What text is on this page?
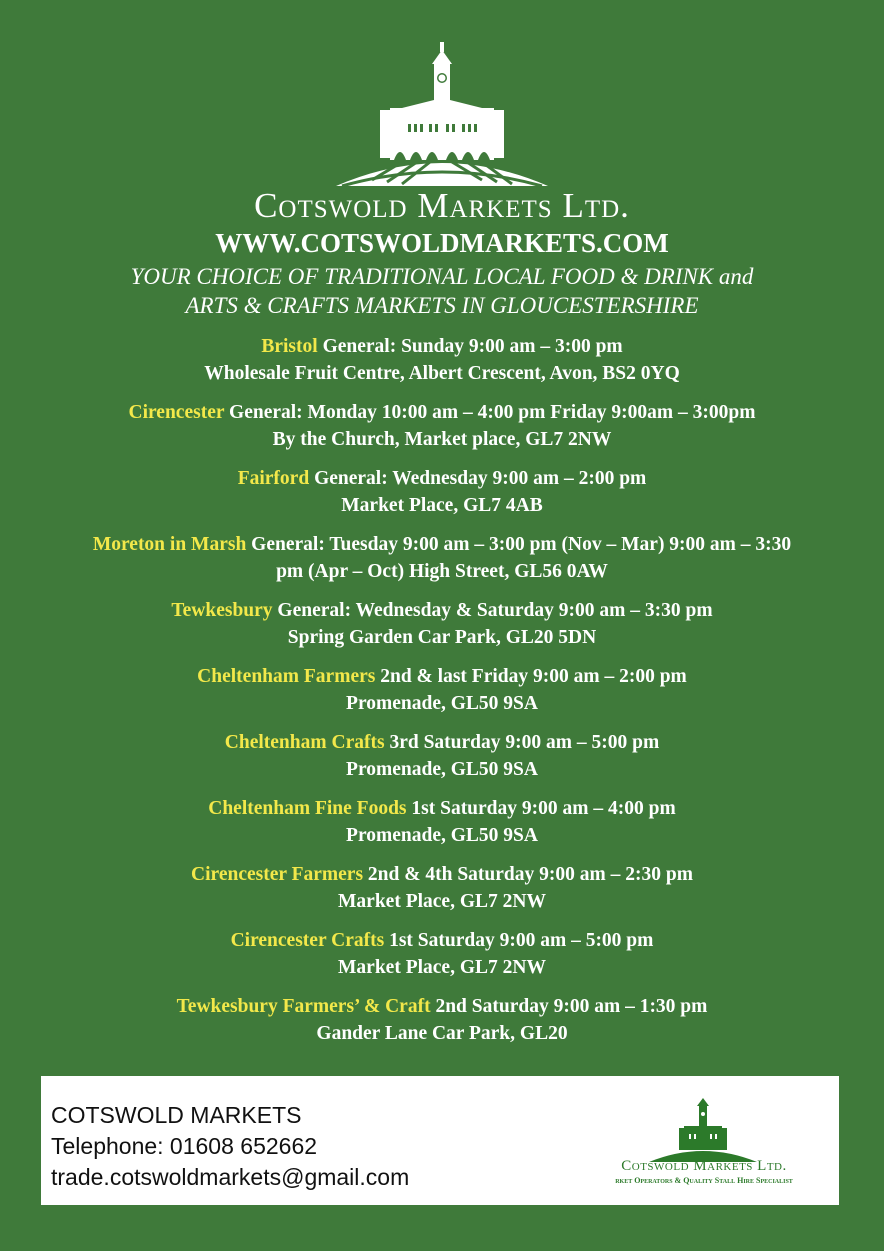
Cotswold Markets Ltd.
WWW.COTSWOLDMARKETS.COM
YOUR CHOICE OF TRADITIONAL LOCAL FOOD & DRINK and
ARTS & CRAFTS MARKETS IN GLOUCESTERSHIRE
Bristol General: Sunday 9:00 am – 3:00 pm
Wholesale Fruit Centre, Albert Crescent, Avon, BS2 0YQ
Cirencester General: Monday 10:00 am – 4:00 pm Friday 9:00am – 3:00pm
By the Church, Market place, GL7 2NW
Fairford General: Wednesday 9:00 am – 2:00 pm
Market Place, GL7 4AB
Moreton in Marsh General: Tuesday 9:00 am – 3:00 pm (Nov – Mar) 9:00 am – 3:30
pm (Apr – Oct) High Street, GL56 0AW
Tewkesbury General: Wednesday & Saturday 9:00 am – 3:30 pm
Spring Garden Car Park, GL20 5DN
Cheltenham Farmers 2nd & last Friday 9:00 am – 2:00 pm
Promenade, GL50 9SA
Cheltenham Crafts 3rd Saturday 9:00 am – 5:00 pm
Promenade, GL50 9SA
Cheltenham Fine Foods 1st Saturday 9:00 am – 4:00 pm
Promenade, GL50 9SA
Cirencester Farmers 2nd & 4th Saturday 9:00 am – 2:30 pm
Market Place, GL7 2NW
Cirencester Crafts 1st Saturday 9:00 am – 5:00 pm
Market Place, GL7 2NW
Tewkesbury Farmers’ & Craft 2nd Saturday 9:00 am – 1:30 pm
Gander Lane Car Park, GL20
COTSWOLD MARKETS
Telephone: 01608 652662
trade.cotswoldmarkets@gmail.com	Cotswold Markets Ltd.
rket Operators & Quality Stall Hire Specialist
